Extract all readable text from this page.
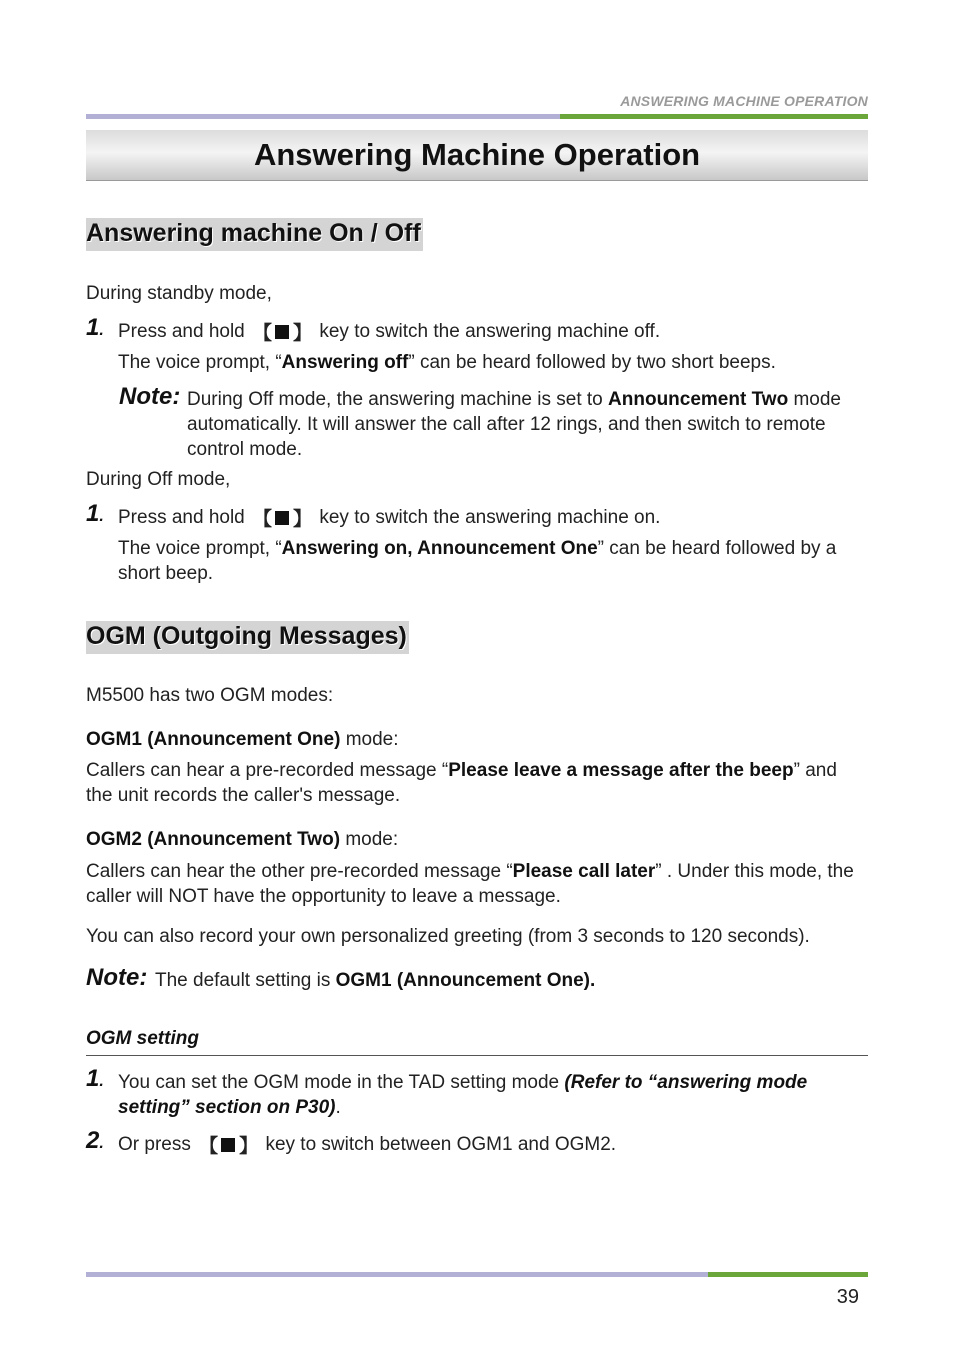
ANSWERING MACHINE OPERATION
Answering Machine Operation
Answering machine On / Off
During standby mode,
1. Press and hold 【 】 key to switch the answering machine off.
The voice prompt, “Answering off” can be heard followed by two short beeps.
Note: During Off mode, the answering machine is set to Announcement Two mode automatically. It will answer the call after 12 rings, and then switch to remote control mode.
During Off mode,
1. Press and hold 【 】 key to switch the answering machine on.
The voice prompt, “Answering on, Announcement One” can be heard followed by a short beep.
OGM (Outgoing Messages)
M5500 has two OGM modes:
OGM1 (Announcement One) mode:
Callers can hear a pre-recorded message “Please leave a message after the beep” and the unit records the caller's message.
OGM2 (Announcement Two) mode:
Callers can hear the other pre-recorded message “Please call later” . Under this mode, the caller will NOT have the opportunity to leave a message.
You can also record your own personalized greeting (from 3 seconds to 120 seconds).
Note: The default setting is OGM1 (Announcement One).
OGM setting
1. You can set the OGM mode in the TAD setting mode (Refer to “answering mode setting” section on P30).
2. Or press 【 】 key to switch between OGM1 and OGM2.
39
